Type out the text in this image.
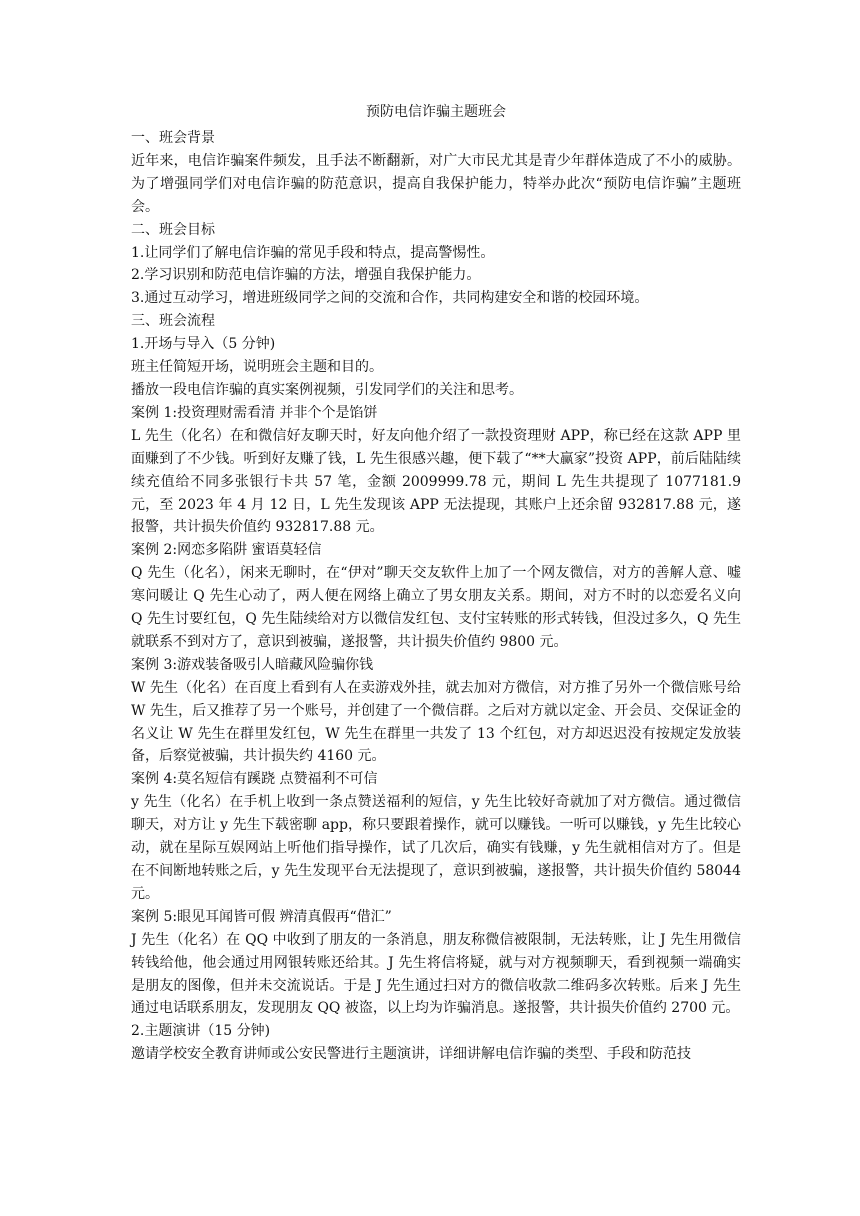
预防电信诈骗主题班会

一、班会背景

近年来，电信诈骗案件频发，且手法不断翻新，对广大市民尤其是青少年群体造成了不小的威胁。为了增强同学们对电信诈骗的防范意识，提高自我保护能力，特举办此次“预防电信诈骗”主题班会。

二、班会目标

1.让同学们了解电信诈骗的常见手段和特点，提高警惕性。

2.学习识别和防范电信诈骗的方法，增强自我保护能力。

3.通过互动学习，增进班级同学之间的交流和合作，共同构建安全和谐的校园环境。

三、班会流程

1.开场与导入（5 分钟)

班主任简短开场，说明班会主题和目的。

播放一段电信诈骗的真实案例视频，引发同学们的关注和思考。

案例 1:投资理财需看清 并非个个是馅饼

L 先生（化名）在和微信好友聊天时，好友向他介绍了一款投资理财 APP，称已经在这款 APP 里面赚到了不少钱。听到好友赚了钱，L 先生很感兴趣，便下载了“**大赢家”投资 APP，前后陆陆续续充值给不同多张银行卡共 57 笔，金额 2009999.78 元，期间 L 先生共提现了 1077181.9 元，至 2023 年 4 月 12 日，L 先生发现该 APP 无法提现，其账户上还余留 932817.88 元，遂报警，共计损失价值约 932817.88 元。

案例 2:网恋多陷阱 蜜语莫轻信

Q 先生（化名），闲来无聊时，在“伊对”聊天交友软件上加了一个网友微信，对方的善解人意、嘘寒问暖让 Q 先生心动了，两人便在网络上确立了男女朋友关系。期间，对方不时的以恋爱名义向 Q 先生讨要红包，Q 先生陆续给对方以微信发红包、支付宝转账的形式转钱，但没过多久，Q 先生就联系不到对方了，意识到被骗，遂报警，共计损失价值约 9800 元。

案例 3:游戏装备吸引人暗藏风险骗你钱

W 先生（化名）在百度上看到有人在卖游戏外挂，就去加对方微信，对方推了另外一个微信账号给 W 先生，后又推荐了另一个账号，并创建了一个微信群。之后对方就以定金、开会员、交保证金的名义让 W 先生在群里发红包，W 先生在群里一共发了 13 个红包，对方却迟迟没有按规定发放装备，后察觉被骗，共计损失约 4160 元。

案例 4:莫名短信有蹊跷 点赞福利不可信

y 先生（化名）在手机上收到一条点赞送福利的短信，y 先生比较好奇就加了对方微信。通过微信聊天，对方让 y 先生下载密聊 app，称只要跟着操作，就可以赚钱。一听可以赚钱，y 先生比较心动，就在星际互娱网站上听他们指导操作，试了几次后，确实有钱赚，y 先生就相信对方了。但是在不间断地转账之后，y 先生发现平台无法提现了，意识到被骗，遂报警，共计损失价值约 58044 元。

案例 5:眼见耳闻皆可假 辨清真假再“借汇”

J 先生（化名）在 QQ 中收到了朋友的一条消息，朋友称微信被限制，无法转账，让 J 先生用微信转钱给他，他会通过用网银转账还给其。J 先生将信将疑，就与对方视频聊天，看到视频一端确实是朋友的图像，但并未交流说话。于是 J 先生通过扫对方的微信收款二维码多次转账。后来 J 先生通过电话联系朋友，发现朋友 QQ 被盗，以上均为诈骗消息。遂报警，共计损失价值约 2700 元。

2.主题演讲（15 分钟)

邀请学校安全教育讲师或公安民警进行主题演讲，详细讲解电信诈骗的类型、手段和防范技
